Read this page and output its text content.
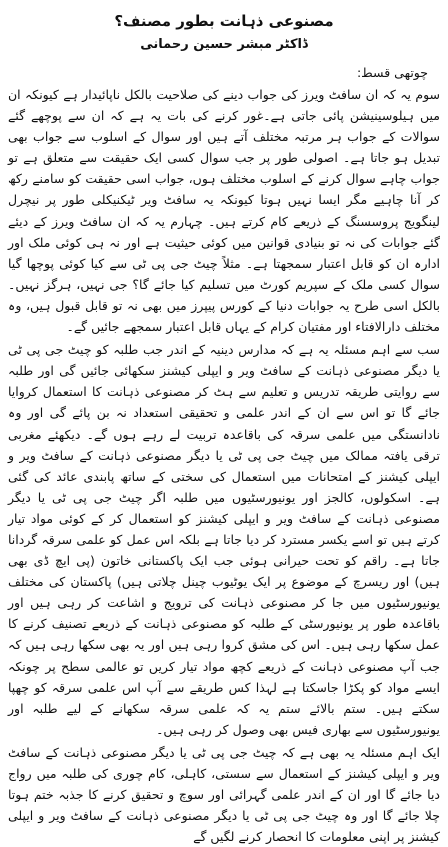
مصنوعی ذہانت بطور مصنف؟
ڈاکٹر مبشر حسین رحمانی
چوتھی قسط:

سوم یہ کہ ان سافٹ ویرز کی جواب دینے کی صلاحیت بالکل ناپائیدار ہے کیونکہ ان میں ہیلوسینیشن پائی جاتی ہے۔غور کرنے کی بات یہ ہے کہ ان سے پوچھے گئے سوالات کے جواب ہر مرتبہ مختلف آتے ہیں اور سوال کے اسلوب سے جواب بھی تبدیل ہو جاتا ہے۔ اصولی طور پر جب سوال کسی ایک حقیقت سے متعلق ہے تو جواب چاہے سوال کرنے کے اسلوب مختلف ہوں، جواب اسی حقیقت کو سامنے رکھ کر آنا چاہیے مگر ایسا نہیں ہوتا کیونکہ یہ سافٹ ویر ٹیکنیکلی طور پر نیچرل لینگویج پروسسنگ کے ذریعے کام کرتے ہیں۔ چہارم یہ کہ ان سافٹ ویرز کے دیئے گئے جوابات کی نہ تو بنیادی قوانین میں کوئی حیثیت ہے اور نہ ہی کوئی ملک اور ادارہ ان کو قابل اعتبار سمجھتا ہے۔ مثلاً چیٹ جی پی ٹی سے کیا کوئی پوچھا گیا سوال کسی ملک کے سپریم کورٹ میں تسلیم کیا جائے گا؟ جی نہیں، ہرگز نہیں۔ بالکل اسی طرح یہ جوابات دنیا کے کورس پیپرز میں بھی نہ تو قابل قبول ہیں، وہ مختلف دارالافتاء اور مفتیان کرام کے یہاں قابل اعتبار سمجھے جائیں گے۔

سب سے اہم مسئلہ یہ ہے کہ مدارس دینیہ کے اندر جب طلبہ کو چیٹ جی پی ٹی یا دیگر مصنوعی ذہانت کے سافٹ ویر و ایپلی کیشنز سکھائی جائیں گی اور طلبہ سے روایتی طریقہ تدریس و تعلیم سے ہٹ کر مصنوعی ذہانت کا استعمال کروایا جائے گا تو اس سے ان کے اندر علمی و تحقیقی استعداد نہ بن پائے گی اور وہ نادانستگی میں علمی سرقہ کی باقاعدہ تربیت لے رہے ہوں گے۔ دیکھئے مغربی ترقی یافتہ ممالک میں چیٹ جی پی ٹی یا دیگر مصنوعی ذہانت کے سافٹ ویر و ایپلی کیشنز کے امتحانات میں استعمال کی سختی کے ساتھ پابندی عائد کی گئی ہے۔ اسکولوں، کالجز اور یونیورسٹیوں میں طلبہ اگر چیٹ جی پی ٹی یا دیگر مصنوعی ذہانت کے سافٹ ویر و ایپلی کیشنز کو استعمال کر کے کوئی مواد تیار کرتے ہیں تو اسے یکسر مسترد کر دیا جاتا ہے بلکہ اس عمل کو علمی سرقہ گردانا جاتا ہے۔ راقم کو تحت حیرانی ہوئی جب ایک پاکستانی خاتون (پی ایچ ڈی بھی ہیں) اور ریسرچ کے موضوع پر ایک یوٹیوب چینل چلاتی ہیں) پاکستان کی مختلف یونیورسٹیوں میں جا کر مصنوعی ذہانت کی ترویج و اشاعت کر رہی ہیں اور باقاعدہ طور پر یونیورسٹی کے طلبہ کو مصنوعی ذہانت کے ذریعے تصنیف کرنے کا عمل سکھا رہی ہیں۔ اس کی مشق کروا رہی ہیں اور یہ بھی سکھا رہی ہیں کہ جب آپ مصنوعی ذہانت کے ذریعے کچھ مواد تیار کریں تو عالمی سطح پر چونکہ ایسے مواد کو پکڑا جاسکتا ہے لہذا کس طریقے سے آپ اس علمی سرقہ کو چھپا سکتے ہیں۔ ستم بالائے ستم یہ کہ علمی سرقہ سکھانے کے لیے طلبہ اور یونیورسٹیوں سے بھاری فیس بھی وصول کر رہی ہیں۔

ایک اہم مسئلہ یہ بھی ہے کہ چیٹ جی پی ٹی یا دیگر مصنوعی ذہانت کے سافٹ ویر و ایپلی کیشنز کے استعمال سے سستی، کاہلی، کام چوری کی طلبہ میں رواج دیا جائے گا اور ان کے اندر علمی گہرائی اور سوچ و تحقیق کرنے کا جذبہ ختم ہوتا چلا جائے گا اور وہ چیٹ جی پی ٹی یا دیگر مصنوعی ذہانت کے سافٹ ویر و ایپلی کیشنز پر اپنی معلومات کا انحصار کرنے لگیں گے
